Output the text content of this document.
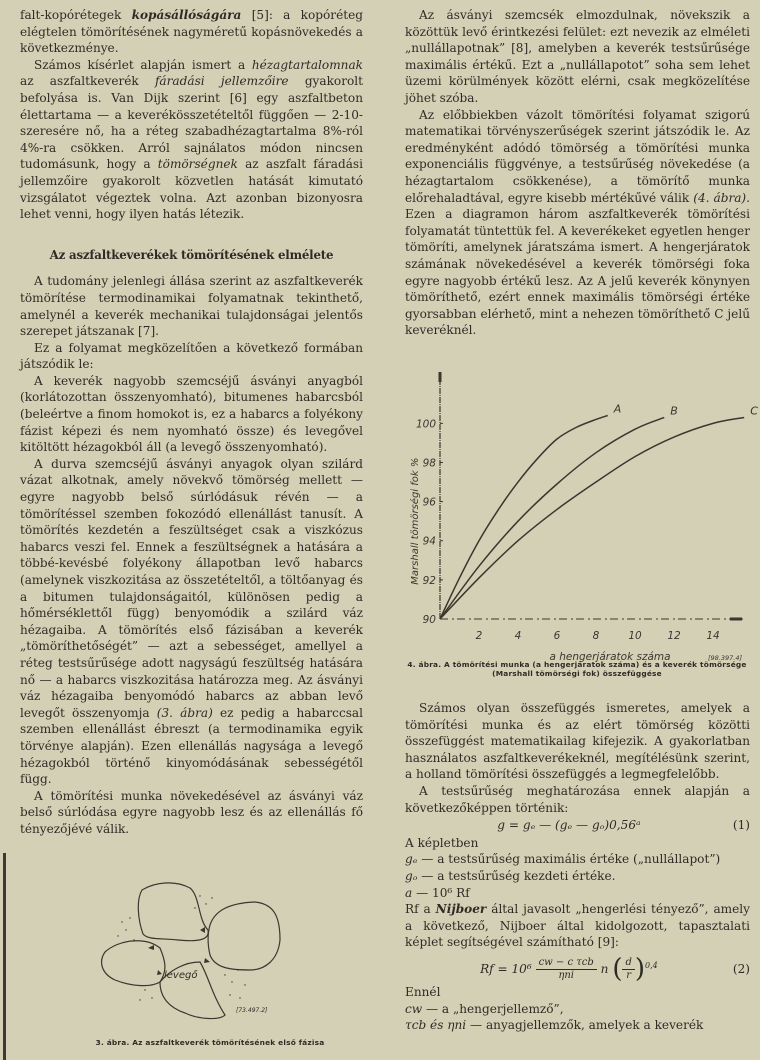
falt-kopórétegek kopásállóságára [5]: a kopóréteg elégtelen tömörítésének nagyméretű kopásnövekedés a következménye.

Számos kísérlet alapján ismert a hézagtartalomnak az aszfaltkeverék fáradási jellemzőire gyakorolt befolyása is. Van Dijk szerint [6] egy aszfaltbeton élettartama — a keverékösszetételtől függően — 2-10-szeresére nő, ha a réteg szabadhézagtartalma 8%-ról 4%-ra csökken. Arról sajnálatos módon nincsen tudomásunk, hogy a tömörségnek az aszfalt fáradási jellemzőire gyakorolt közvetlen hatását kimutató vizsgálatot végeztek volna. Azt azonban bizonyosra lehet venni, hogy ilyen hatás létezik.

Az aszfaltkeverékek tömörítésének elmélete

A tudomány jelenlegi állása szerint az aszfaltkeverék tömörítése termodinamikai folyamatnak tekinthető, amelynél a keverék mechanikai tulajdonságai jelentős szerepet játszanak [7].

Ez a folyamat megközelítően a következő formában játszódik le:

A keverék nagyobb szemcséjű ásványi anyagból (korlátozottan összenyomható), bitumenes habarcsból (beleértve a finom homokot is, ez a habarcs a folyékony fázist képezi és nem nyomható össze) és levegővel kitöltött hézagokból áll (a levegő összenyomható).

A durva szemcséjű ásványi anyagok olyan szilárd vázat alkotnak, amely növekvő tömörség mellett — egyre nagyobb belső súrlódásuk révén — a tömörítéssel szemben fokozódó ellenállást tanusít. A tömörítés kezdetén a feszültséget csak a viszkózus habarcs veszi fel. Ennek a feszültségnek a hatására a többé-kevésbé folyékony állapotban levő habarcs (amelynek viszkozitása az összetételtől, a töltőanyag és a bitumen tulajdonságaitól, különösen pedig a hőmérséklettől függ) benyomódik a szilárd váz hézagaiba. A tömörítés első fázisában a keverék „tömöríthetőségét” — azt a sebességet, amellyel a réteg testsűrűsége adott nagyságú feszültség hatására nő — a habarcs viszkozitása határozza meg. Az ásványi váz hézagaiba benyomódó habarcs az abban levő levegőt összenyomja (3. ábra) ez pedig a habarccsal szemben ellenállást ébreszt (a termodinamika egyik törvénye alapján). Ezen ellenállás nagysága a levegő hézagokból történő kinyomódásának sebességétől függ.

A tömörítési munka növekedésével az ásványi váz belső súrlódása egyre nagyobb lesz és az ellenállás fő tényezőjévé válik.

levegő
[73.497.2]
3. ábra. Az aszfaltkeverék tömörítésének első fázisa

Az ásványi szemcsék elmozdulnak, növekszik a közöttük levő érintkezési felület: ezt nevezik az elméleti „nullállapotnak” [8], amelyben a keverék testsűrűsége maximális értékű. Ezt a „nullállapotot” soha sem lehet üzemi körülmények között elérni, csak megközelítése jöhet szóba.

Az előbbiekben vázolt tömörítési folyamat szigorú matematikai törvényszerűségek szerint játszódik le. Az eredményként adódó tömörség a tömörítési munka exponenciális függvénye, a testsűrűség növekedése (a hézagtartalom csökkenése), a tömörítő munka előrehaladtával, egyre kisebb mértékűvé válik (4. ábra). Ezen a diagramon három aszfaltkeverék tömörítési folyamatát tüntettük fel. A keverékeket egyetlen henger tömöríti, amelynek járatszáma ismert. A hengerjáratok számának növekedésével a keverék tömörségi foka egyre nagyobb értékű lesz. Az A jelű keverék könynyen tömöríthető, ezért ennek maximális tömörségi értéke gyorsabban elérhető, mint a nehezen tömöríthető C jelű keveréknél.

90
92
94
96
98
100
2	4	6	8	10 12 14
a hengerjáratok száma
Marshall tömörségi fok %
[98.397.4]
A	B	C
4. ábra. A tömörítési munka (a hengerjáratok száma) és a keverék tömörsége (Marshall tömörségi fok) összefüggése

Számos olyan összefüggés ismeretes, amelyek a tömörítési munka és az elért tömörség közötti összefüggést matematikailag kifejezik. A gyakorlatban használatos aszfaltkeverékeknél, megítélésünk szerint, a holland tömörítési összefüggés a legmegfelelőbb.

A testsűrűség meghatározása ennek alapján a következőképpen történik:

g = gₑ — (gₑ — gₒ)0,56ᵃ	(1)

A képletben

gₑ — a testsűrűség maximális értéke („nullállapot”)

gₒ — a testsűrűség kezdeti értéke.

a — 10⁶ Rf

Rf a Nijboer által javasolt „hengerlési tényező”, amely a következő, Nijboer által kidolgozott, tapasztalati képlet segítségével számítható [9]:

$Rf = 10^6 \frac{\text{cw − c τcb}}{\text{ηni}}$ n ( $\frac{d}{r} )^{0,4}$	(2)

Ennél

cw — a „hengerjellemző”,

τcb és ηni — anyagjellemzők, amelyek a keverék
